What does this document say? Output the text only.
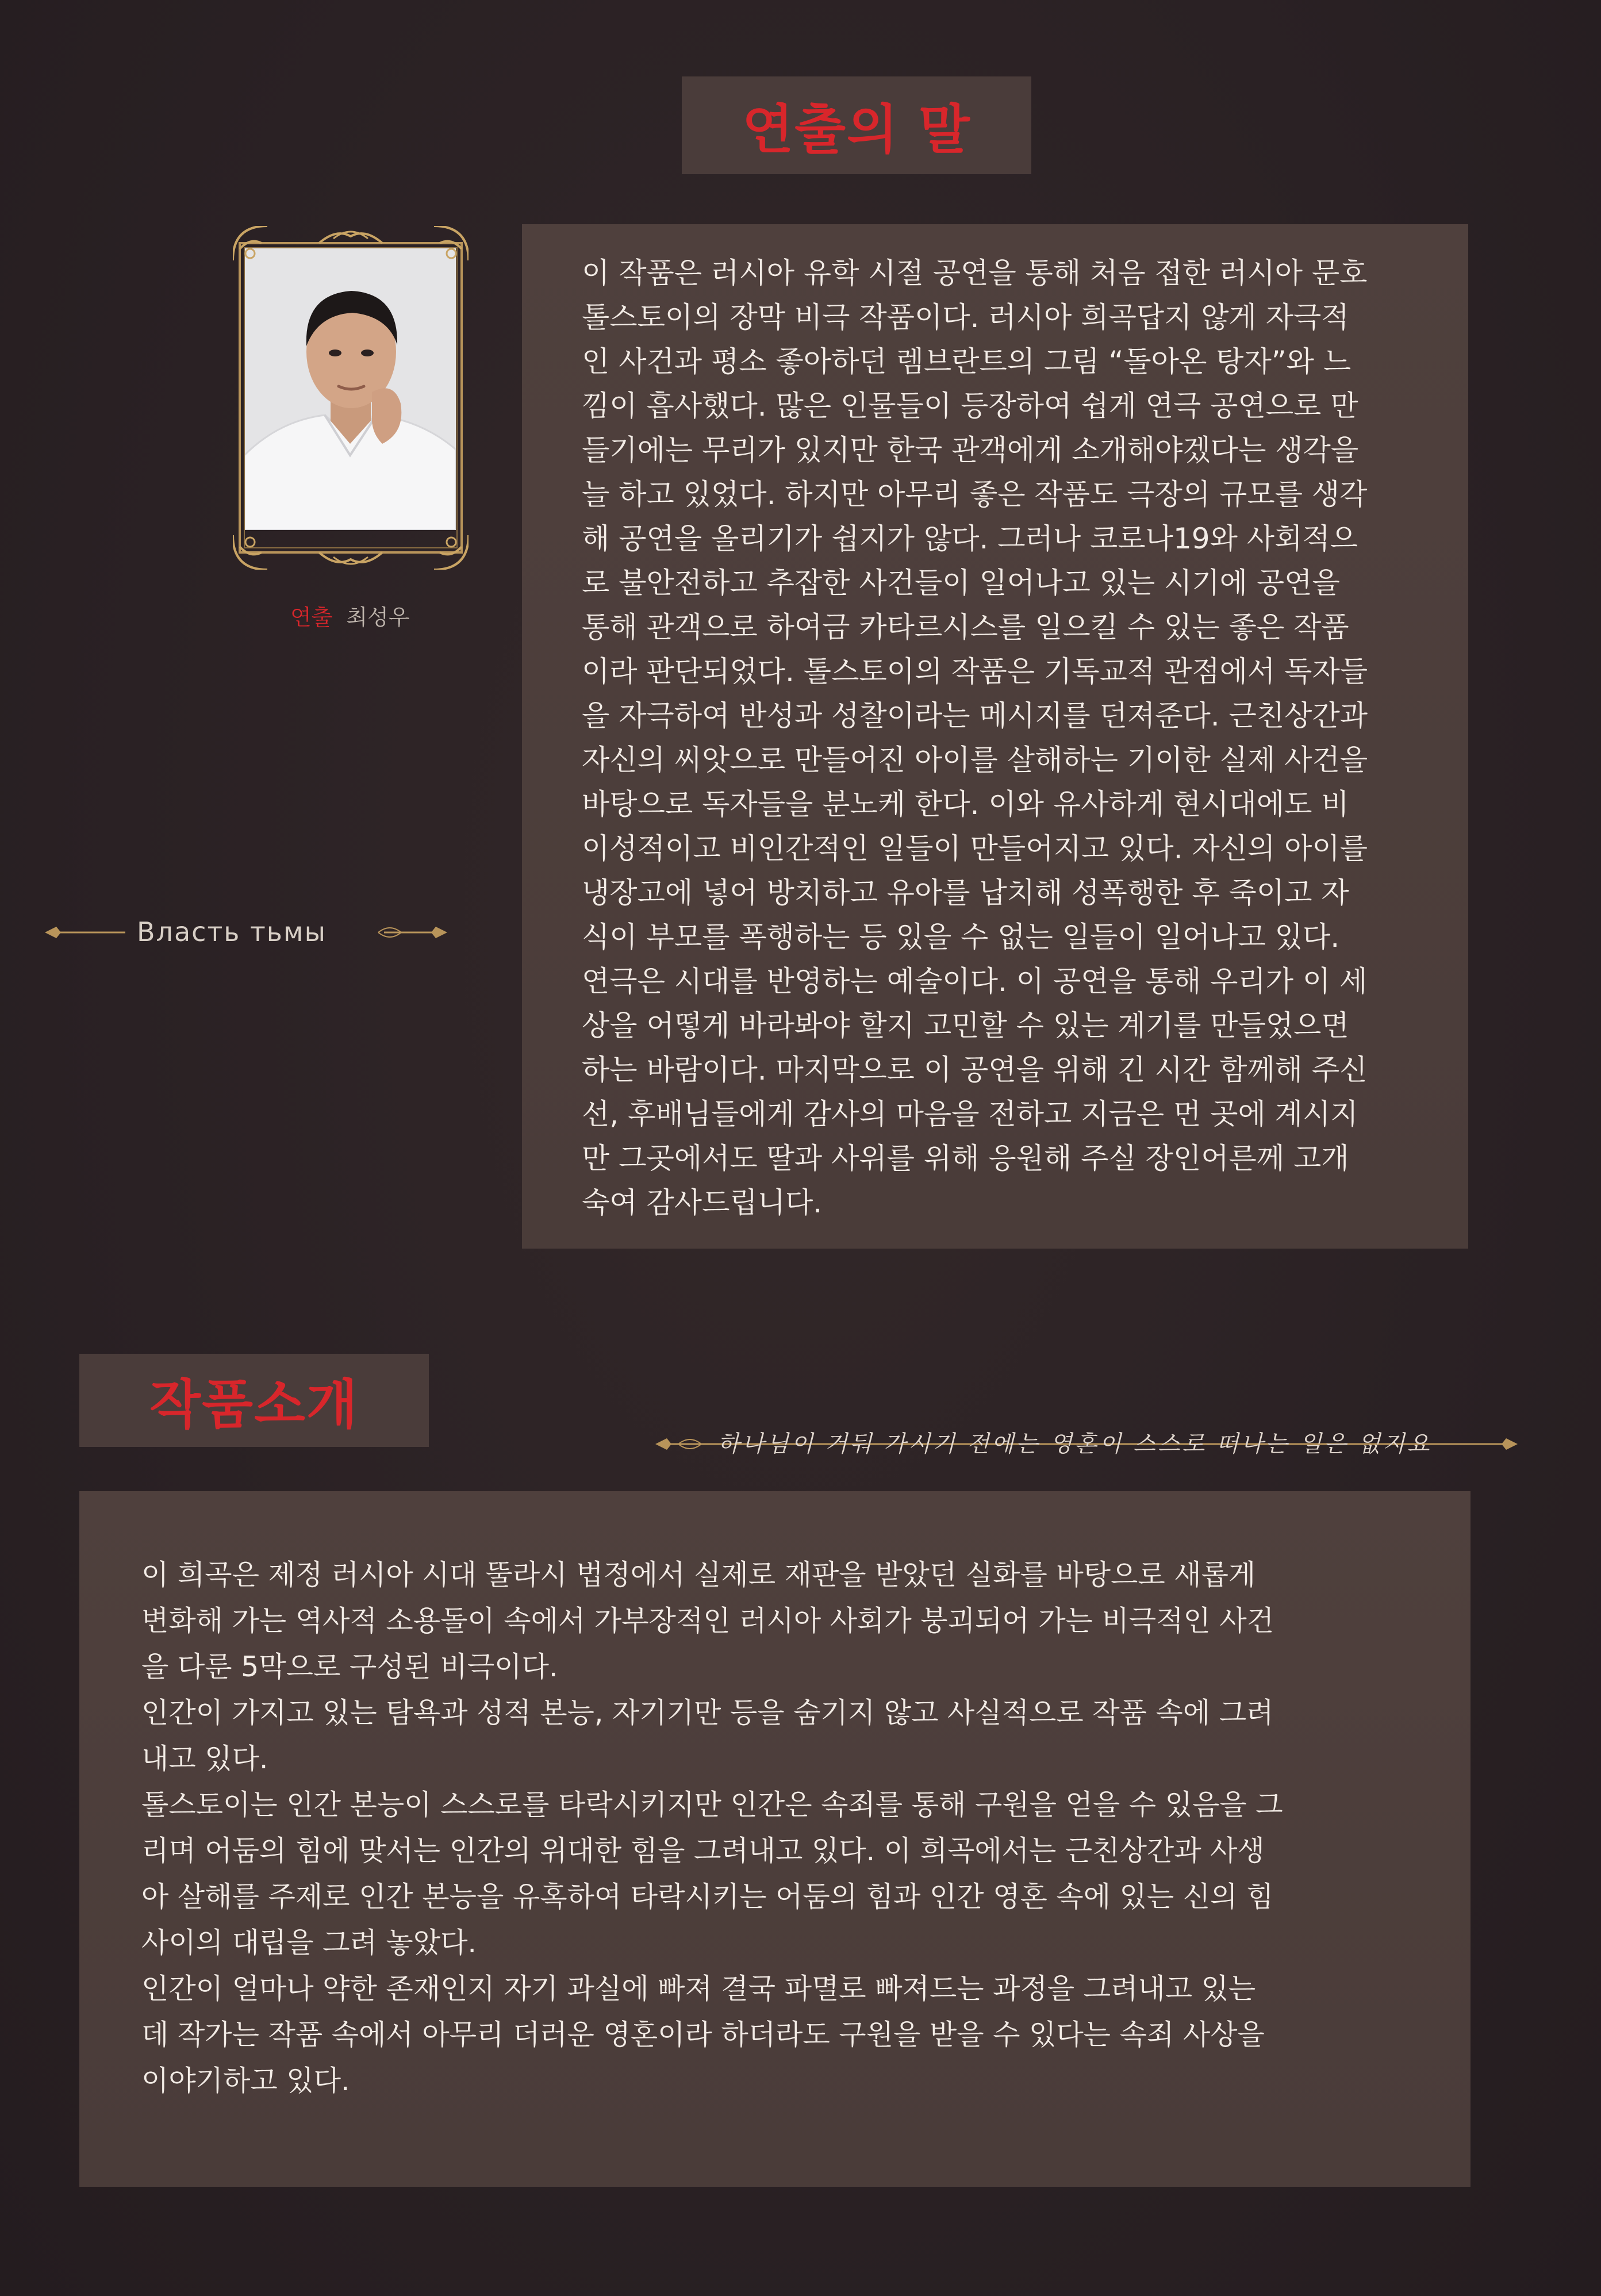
연출의 말
이 작품은 러시아 유학 시절 공연을 통해 처음 접한 러시아 문호
톨스토이의 장막 비극 작품이다. 러시아 희곡답지 않게 자극적
인 사건과 평소 좋아하던 렘브란트의 그림 “돌아온 탕자”와 느
낌이 흡사했다. 많은 인물들이 등장하여 쉽게 연극 공연으로 만
들기에는 무리가 있지만 한국 관객에게 소개해야겠다는 생각을
늘 하고 있었다. 하지만 아무리 좋은 작품도 극장의 규모를 생각
해 공연을 올리기가 쉽지가 않다. 그러나 코로나19와 사회적으
로 불안전하고 추잡한 사건들이 일어나고 있는 시기에 공연을
통해 관객으로 하여금 카타르시스를 일으킬 수 있는 좋은 작품
이라 판단되었다. 톨스토이의 작품은 기독교적 관점에서 독자들
을 자극하여 반성과 성찰이라는 메시지를 던져준다. 근친상간과
자신의 씨앗으로 만들어진 아이를 살해하는 기이한 실제 사건을
바탕으로 독자들을 분노케 한다. 이와 유사하게 현시대에도 비
이성적이고 비인간적인 일들이 만들어지고 있다. 자신의 아이를
냉장고에 넣어 방치하고 유아를 납치해 성폭행한 후 죽이고 자
식이 부모를 폭행하는 등 있을 수 없는 일들이 일어나고 있다.
연극은 시대를 반영하는 예술이다. 이 공연을 통해 우리가 이 세
상을 어떻게 바라봐야 할지 고민할 수 있는 계기를 만들었으면
하는 바람이다. 마지막으로 이 공연을 위해 긴 시간 함께해 주신
선, 후배님들에게 감사의 마음을 전하고 지금은 먼 곳에 계시지
만 그곳에서도 딸과 사위를 위해 응원해 주실 장인어른께 고개
숙여 감사드립니다.
연출 최성우
Власть тьмы
작품소개
하나님이 거둬 가시기 전에는 영혼이 스스로 떠나는 일은 없지요
이 희곡은 제정 러시아 시대 뚤라시 법정에서 실제로 재판을 받았던 실화를 바탕으로 새롭게
변화해 가는 역사적 소용돌이 속에서 가부장적인 러시아 사회가 붕괴되어 가는 비극적인 사건
을 다룬 5막으로 구성된 비극이다.
인간이 가지고 있는 탐욕과 성적 본능, 자기기만 등을 숨기지 않고 사실적으로 작품 속에 그려
내고 있다.
톨스토이는 인간 본능이 스스로를 타락시키지만 인간은 속죄를 통해 구원을 얻을 수 있음을 그
리며 어둠의 힘에 맞서는 인간의 위대한 힘을 그려내고 있다. 이 희곡에서는 근친상간과 사생
아 살해를 주제로 인간 본능을 유혹하여 타락시키는 어둠의 힘과 인간 영혼 속에 있는 신의 힘
사이의 대립을 그려 놓았다.
인간이 얼마나 약한 존재인지 자기 과실에 빠져 결국 파멸로 빠져드는 과정을 그려내고 있는
데 작가는 작품 속에서 아무리 더러운 영혼이라 하더라도 구원을 받을 수 있다는 속죄 사상을
이야기하고 있다.
